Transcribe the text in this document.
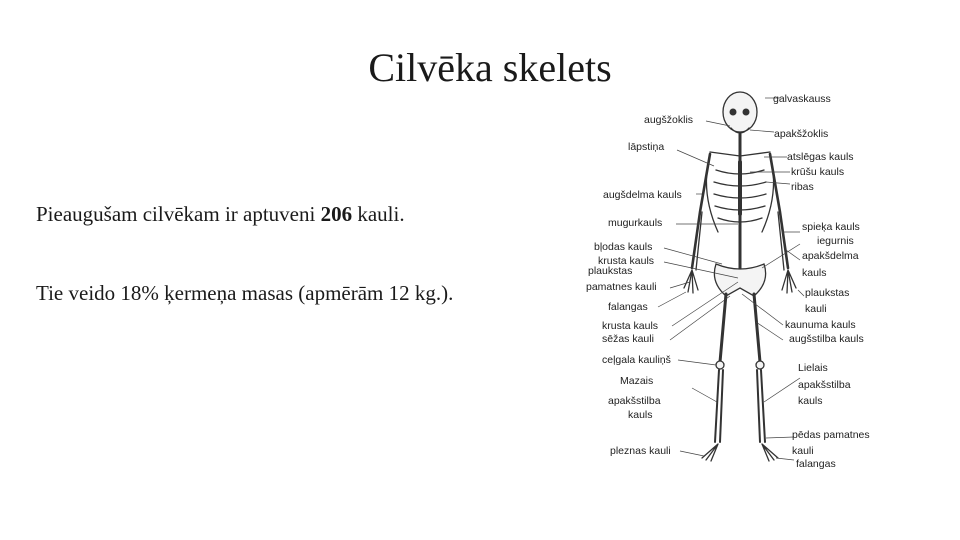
Cilvēka skelets

Pieaugušam cilvēkam ir aptuveni 206 kauli.

Tie veido 18% ķermeņa masas (apmērām 12 kg.).

galvaskauss
augšžoklis
apakšžoklis
lāpstiņa
atslēgas kauls
krūšu kauls
ribas
augšdelma kauls
mugurkauls	spieķa kauls
iegurnis
apakšdelma
kauls
bļodas kauls
krusta kauls
plaukstas
pamatnes kauli
falangas
plaukstas
kauli
krusta kauls
sēžas kauli
kaunuma kauls
augšstilba kauls
ceļgala kauliņš
Lielais
apakšstilba
kauls
Mazais
apakšstilba
kauls
pēdas pamatnes
kauli
pleznas kauli
falangas
